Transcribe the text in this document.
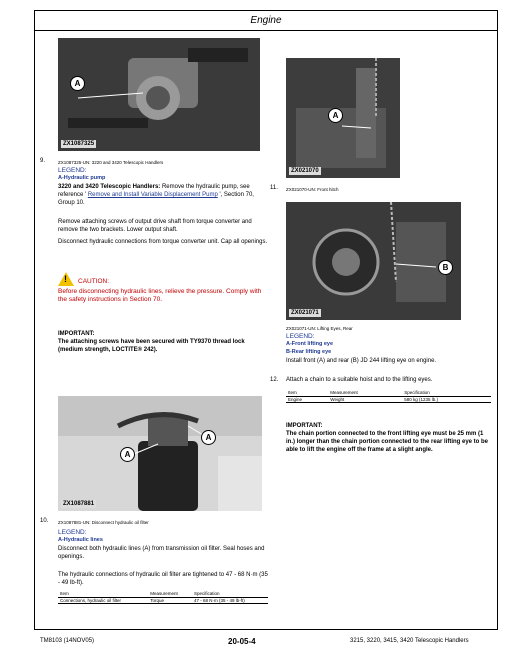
Engine
A
ZX1087325
A
ZX021070
B
ZX021071
A
A
ZX1087881
9.	ZX1087325-UN: 3220 and 3420 Telescopic Handlers
LEGEND:
A-Hydraulic pump
3220 and 3420 Telescopic Handlers: Remove the hydraulic pump, see reference ' Remove and Install Variable Displacement Pump ', Section 70, Group 10.
Remove attaching screws of output drive shaft from torque converter and remove the two brackets. Lower output shaft.
Disconnect hydraulic connections from torque converter unit. Cap all openings.
! CAUTION:
Before disconnecting hydraulic lines, relieve the pressure. Comply with the safety instructions in Section 70.
IMPORTANT:
The attaching screws have been secured with TY9370 thread lock (medium strength, LOCTITE® 242).
10. ZX1087881-UN: Disconnect hydraulic oil filter
LEGEND:
A-Hydraulic lines
Disconnect both hydraulic lines (A) from transmission oil filter. Seal hoses and openings.
The hydraulic connections of hydraulic oil filter are tightened to 47 - 68 N·m (35 - 49 lb-ft).
Item	Measurement	Specification
Connections, hydraulic oil filter	Torque	47 - 68 N·m (35 - 49 lb-ft)
11. ZX021070-UN: Front hitch
ZX021071-UN: Lifting Eyes, Rear
LEGEND:
A-Front lifting eye
B-Rear lifting eye
Install front (A) and rear (B) JD 244 lifting eye on engine.
12. Attach a chain to a suitable hoist and to the lifting eyes.
Item	Measurement	Specification
Engine	Weight	580 kg (1235 lb.)
IMPORTANT:
The chain portion connected to the front lifting eye must be 25 mm (1 in.) longer than the chain portion connected to the rear lifting eye to be able to lift the engine off the frame at a slight angle.
TM8103 (14NOV05)	20-05-4	3215, 3220, 3415, 3420 Telescopic Handlers
